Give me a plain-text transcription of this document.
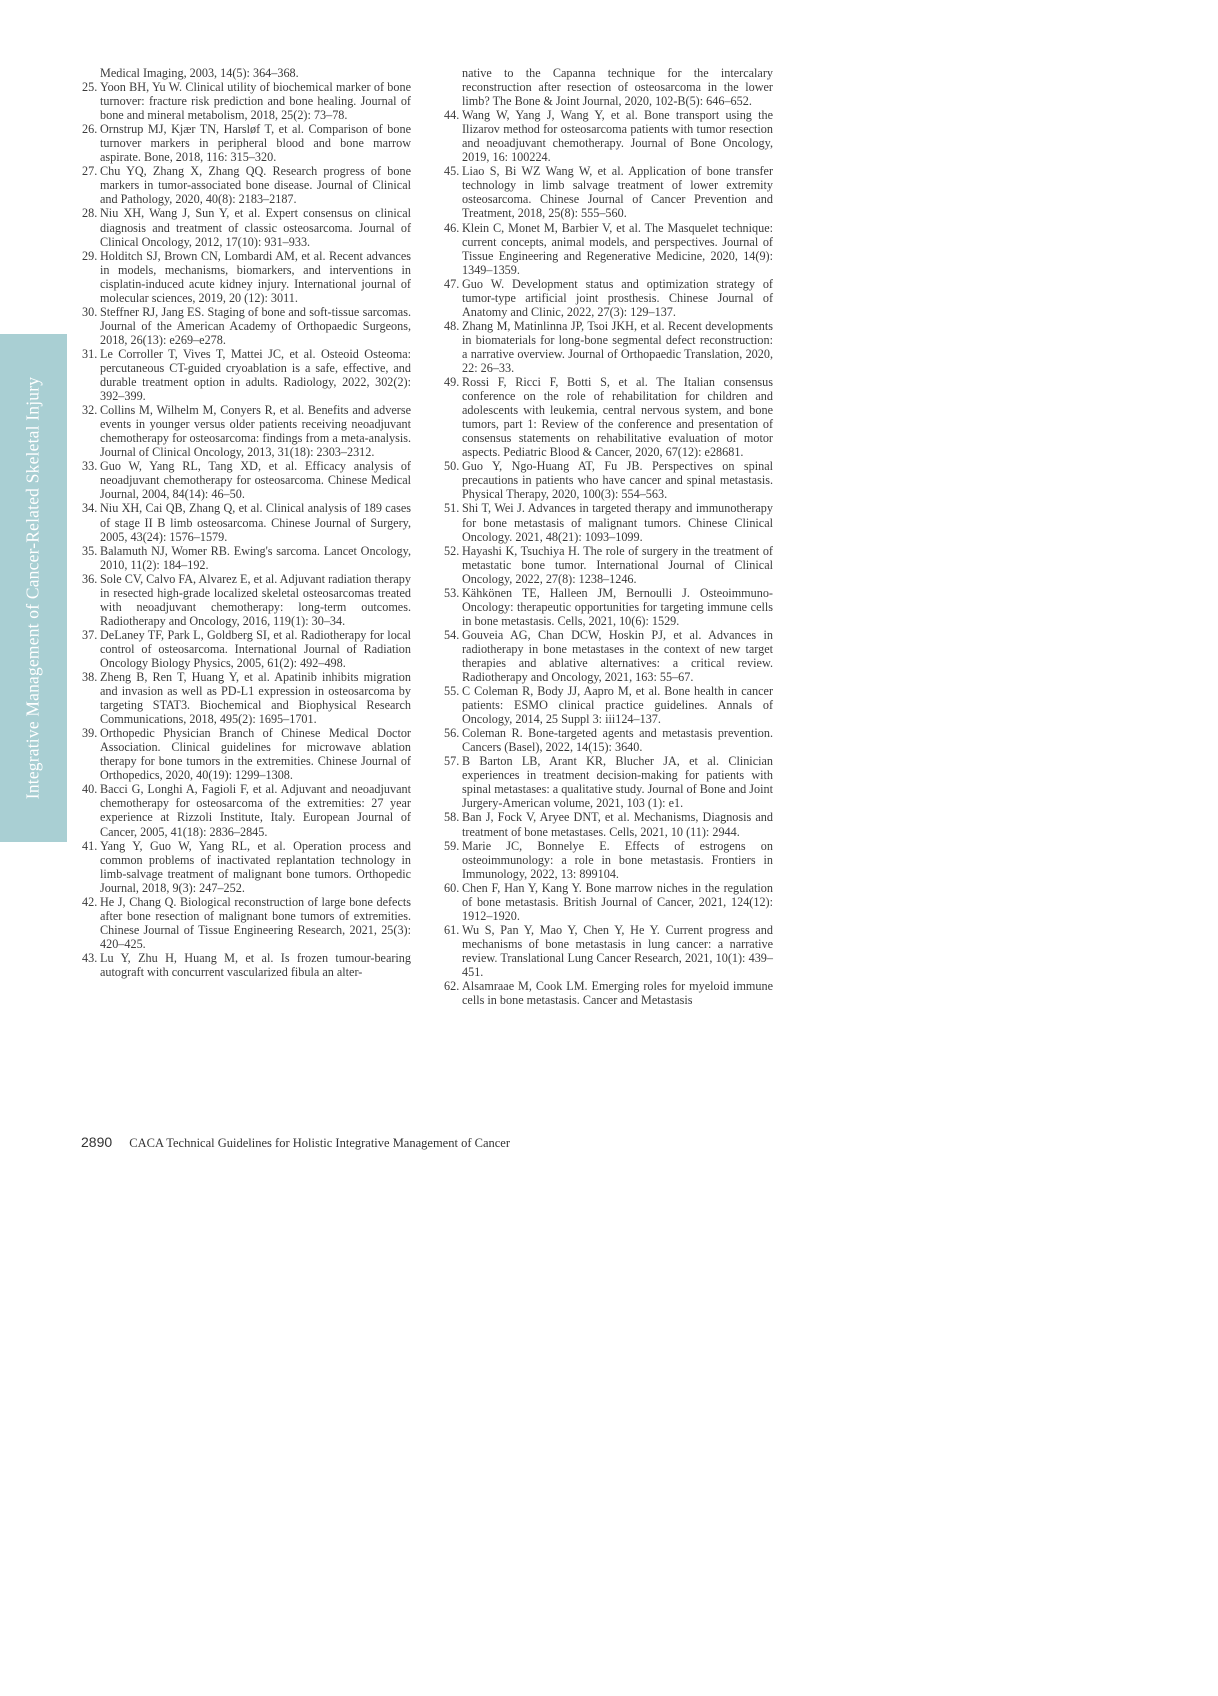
Integrative Management of Cancer-Related Skeletal Injury
Medical Imaging, 2003, 14(5): 364–368.
25. Yoon BH, Yu W. Clinical utility of biochemical marker of bone turnover: fracture risk prediction and bone healing. Journal of bone and mineral metabolism, 2018, 25(2): 73–78.
26. Ornstrup MJ, Kjær TN, Harsløf T, et al. Comparison of bone turnover markers in peripheral blood and bone marrow aspirate. Bone, 2018, 116: 315–320.
27. Chu YQ, Zhang X, Zhang QQ. Research progress of bone markers in tumor-associated bone disease. Journal of Clinical and Pathology, 2020, 40(8): 2183–2187.
28. Niu XH, Wang J, Sun Y, et al. Expert consensus on clinical diagnosis and treatment of classic osteosarcoma. Journal of Clinical Oncology, 2012, 17(10): 931–933.
29. Holditch SJ, Brown CN, Lombardi AM, et al. Recent advances in models, mechanisms, biomarkers, and interventions in cisplatin-induced acute kidney injury. International journal of molecular sciences, 2019, 20 (12): 3011.
30. Steffner RJ, Jang ES. Staging of bone and soft-tissue sarcomas. Journal of the American Academy of Orthopaedic Surgeons, 2018, 26(13): e269–e278.
31. Le Corroller T, Vives T, Mattei JC, et al. Osteoid Osteoma: percutaneous CT-guided cryoablation is a safe, effective, and durable treatment option in adults. Radiology, 2022, 302(2): 392–399.
32. Collins M, Wilhelm M, Conyers R, et al. Benefits and adverse events in younger versus older patients receiving neoadjuvant chemotherapy for osteosarcoma: findings from a meta-analysis. Journal of Clinical Oncology, 2013, 31(18): 2303–2312.
33. Guo W, Yang RL, Tang XD, et al. Efficacy analysis of neoadjuvant chemotherapy for osteosarcoma. Chinese Medical Journal, 2004, 84(14): 46–50.
34. Niu XH, Cai QB, Zhang Q, et al. Clinical analysis of 189 cases of stage II B limb osteosarcoma. Chinese Journal of Surgery, 2005, 43(24): 1576–1579.
35. Balamuth NJ, Womer RB. Ewing's sarcoma. Lancet Oncology, 2010, 11(2): 184–192.
36. Sole CV, Calvo FA, Alvarez E, et al. Adjuvant radiation therapy in resected high-grade localized skeletal osteosarcomas treated with neoadjuvant chemotherapy: long-term outcomes. Radiotherapy and Oncology, 2016, 119(1): 30–34.
37. DeLaney TF, Park L, Goldberg SI, et al. Radiotherapy for local control of osteosarcoma. International Journal of Radiation Oncology Biology Physics, 2005, 61(2): 492–498.
38. Zheng B, Ren T, Huang Y, et al. Apatinib inhibits migration and invasion as well as PD-L1 expression in osteosarcoma by targeting STAT3. Biochemical and Biophysical Research Communications, 2018, 495(2): 1695–1701.
39. Orthopedic Physician Branch of Chinese Medical Doctor Association. Clinical guidelines for microwave ablation therapy for bone tumors in the extremities. Chinese Journal of Orthopedics, 2020, 40(19): 1299–1308.
40. Bacci G, Longhi A, Fagioli F, et al. Adjuvant and neoadjuvant chemotherapy for osteosarcoma of the extremities: 27 year experience at Rizzoli Institute, Italy. European Journal of Cancer, 2005, 41(18): 2836–2845.
41. Yang Y, Guo W, Yang RL, et al. Operation process and common problems of inactivated replantation technology in limb-salvage treatment of malignant bone tumors. Orthopedic Journal, 2018, 9(3): 247–252.
42. He J, Chang Q. Biological reconstruction of large bone defects after bone resection of malignant bone tumors of extremities. Chinese Journal of Tissue Engineering Research, 2021, 25(3): 420–425.
43. Lu Y, Zhu H, Huang M, et al. Is frozen tumour-bearing autograft with concurrent vascularized fibula an alter-
native to the Capanna technique for the intercalary reconstruction after resection of osteosarcoma in the lower limb? The Bone & Joint Journal, 2020, 102-B(5): 646–652.
44. Wang W, Yang J, Wang Y, et al. Bone transport using the Ilizarov method for osteosarcoma patients with tumor resection and neoadjuvant chemotherapy. Journal of Bone Oncology, 2019, 16: 100224.
45. Liao S, Bi WZ Wang W, et al. Application of bone transfer technology in limb salvage treatment of lower extremity osteosarcoma. Chinese Journal of Cancer Prevention and Treatment, 2018, 25(8): 555–560.
46. Klein C, Monet M, Barbier V, et al. The Masquelet technique: current concepts, animal models, and perspectives. Journal of Tissue Engineering and Regenerative Medicine, 2020, 14(9): 1349–1359.
47. Guo W. Development status and optimization strategy of tumor-type artificial joint prosthesis. Chinese Journal of Anatomy and Clinic, 2022, 27(3): 129–137.
48. Zhang M, Matinlinna JP, Tsoi JKH, et al. Recent developments in biomaterials for long-bone segmental defect reconstruction: a narrative overview. Journal of Orthopaedic Translation, 2020, 22: 26–33.
49. Rossi F, Ricci F, Botti S, et al. The Italian consensus conference on the role of rehabilitation for children and adolescents with leukemia, central nervous system, and bone tumors, part 1: Review of the conference and presentation of consensus statements on rehabilitative evaluation of motor aspects. Pediatric Blood & Cancer, 2020, 67(12): e28681.
50. Guo Y, Ngo-Huang AT, Fu JB. Perspectives on spinal precautions in patients who have cancer and spinal metastasis. Physical Therapy, 2020, 100(3): 554–563.
51. Shi T, Wei J. Advances in targeted therapy and immunotherapy for bone metastasis of malignant tumors. Chinese Clinical Oncology. 2021, 48(21): 1093–1099.
52. Hayashi K, Tsuchiya H. The role of surgery in the treatment of metastatic bone tumor. International Journal of Clinical Oncology, 2022, 27(8): 1238–1246.
53. Kähkönen TE, Halleen JM, Bernoulli J. Osteoimmuno-Oncology: therapeutic opportunities for targeting immune cells in bone metastasis. Cells, 2021, 10(6): 1529.
54. Gouveia AG, Chan DCW, Hoskin PJ, et al. Advances in radiotherapy in bone metastases in the context of new target therapies and ablative alternatives: a critical review. Radiotherapy and Oncology, 2021, 163: 55–67.
55. C Coleman R, Body JJ, Aapro M, et al. Bone health in cancer patients: ESMO clinical practice guidelines. Annals of Oncology, 2014, 25 Suppl 3: iii124–137.
56. Coleman R. Bone-targeted agents and metastasis prevention. Cancers (Basel), 2022, 14(15): 3640.
57. B Barton LB, Arant KR, Blucher JA, et al. Clinician experiences in treatment decision-making for patients with spinal metastases: a qualitative study. Journal of Bone and Joint Jurgery-American volume, 2021, 103 (1): e1.
58. Ban J, Fock V, Aryee DNT, et al. Mechanisms, Diagnosis and treatment of bone metastases. Cells, 2021, 10 (11): 2944.
59. Marie JC, Bonnelye E. Effects of estrogens on osteoimmunology: a role in bone metastasis. Frontiers in Immunology, 2022, 13: 899104.
60. Chen F, Han Y, Kang Y. Bone marrow niches in the regulation of bone metastasis. British Journal of Cancer, 2021, 124(12): 1912–1920.
61. Wu S, Pan Y, Mao Y, Chen Y, He Y. Current progress and mechanisms of bone metastasis in lung cancer: a narrative review. Translational Lung Cancer Research, 2021, 10(1): 439–451.
62. Alsamraae M, Cook LM. Emerging roles for myeloid immune cells in bone metastasis. Cancer and Metastasis
2890 CACA Technical Guidelines for Holistic Integrative Management of Cancer
